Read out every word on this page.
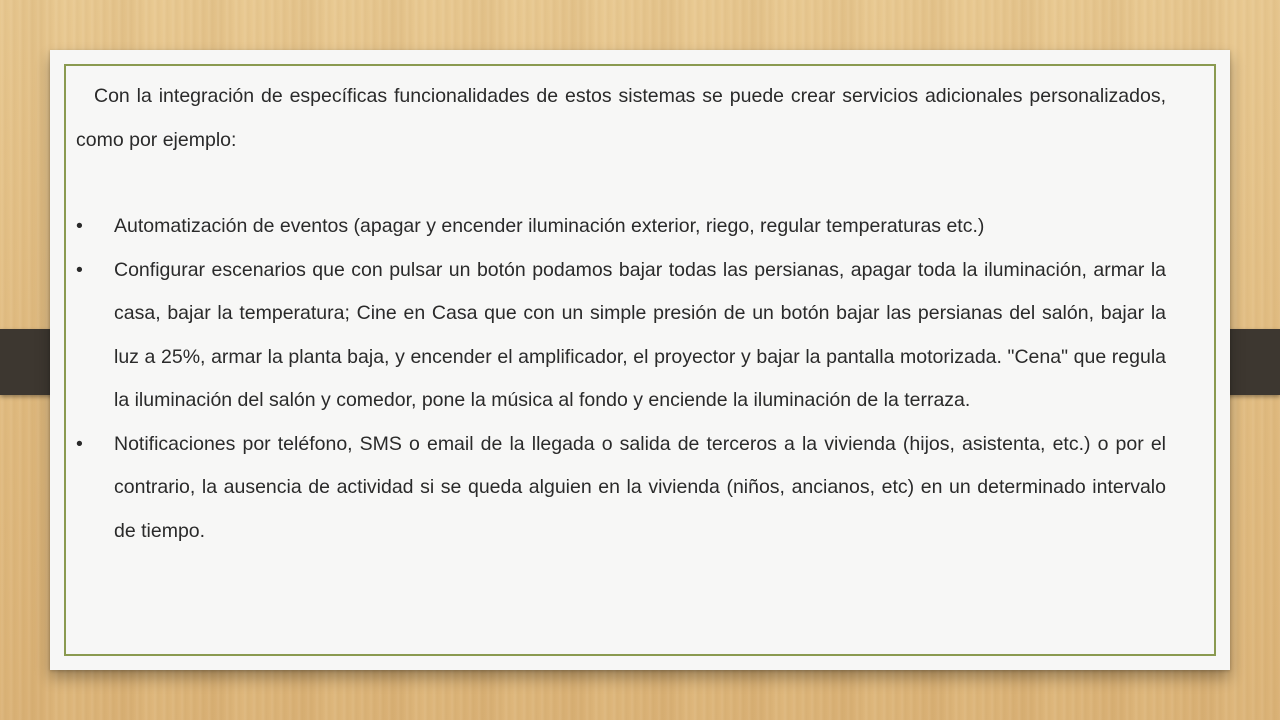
Con la integración de específicas funcionalidades de estos sistemas se puede crear servicios adicionales personalizados, como por ejemplo:

•	Automatización de eventos (apagar y encender iluminación exterior, riego, regular temperaturas etc.)
•	Configurar escenarios que con pulsar un botón podamos bajar todas las persianas, apagar toda la iluminación, armar la casa, bajar la temperatura; Cine en Casa que con un simple presión de un botón bajar las persianas del salón, bajar la luz a 25%, armar la planta baja, y encender el amplificador, el proyector y bajar la pantalla motorizada. "Cena" que regula la iluminación del salón y comedor, pone la música al fondo y enciende la iluminación de la terraza.
•	Notificaciones por teléfono, SMS o email de la llegada o salida de terceros a la vivienda (hijos, asistenta, etc.) o por el contrario, la ausencia de actividad si se queda alguien en la vivienda (niños, ancianos, etc) en un determinado intervalo de tiempo.
